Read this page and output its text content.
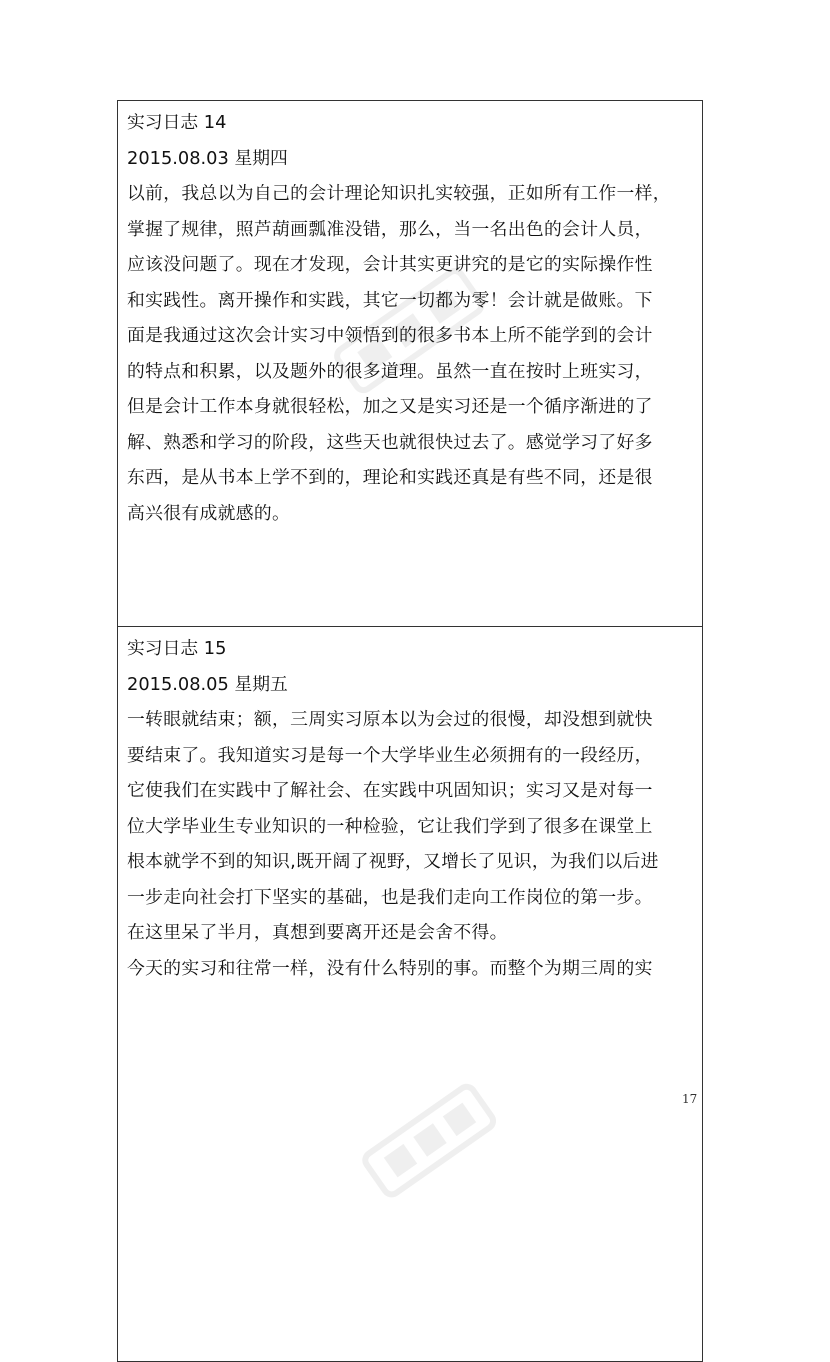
实习日志 14
2015.08.03 星期四
以前，我总以为自己的会计理论知识扎实较强，正如所有工作一样，
掌握了规律，照芦葫画瓢准没错，那么，当一名出色的会计人员，
应该没问题了。现在才发现，会计其实更讲究的是它的实际操作性
和实践性。离开操作和实践，其它一切都为零！会计就是做账。下
面是我通过这次会计实习中领悟到的很多书本上所不能学到的会计
的特点和积累，以及题外的很多道理。虽然一直在按时上班实习，
但是会计工作本身就很轻松，加之又是实习还是一个循序渐进的了
解、熟悉和学习的阶段，这些天也就很快过去了。感觉学习了好多
东西，是从书本上学不到的，理论和实践还真是有些不同，还是很
高兴很有成就感的。
实习日志 15
2015.08.05 星期五
一转眼就结束；额，三周实习原本以为会过的很慢，却没想到就快
要结束了。我知道实习是每一个大学毕业生必须拥有的一段经历，
它使我们在实践中了解社会、在实践中巩固知识；实习又是对每一
位大学毕业生专业知识的一种检验，它让我们学到了很多在课堂上
根本就学不到的知识,既开阔了视野，又增长了见识，为我们以后进
一步走向社会打下坚实的基础，也是我们走向工作岗位的第一步。
在这里呆了半月，真想到要离开还是会舍不得。
今天的实习和往常一样，没有什么特别的事。而整个为期三周的实
17
